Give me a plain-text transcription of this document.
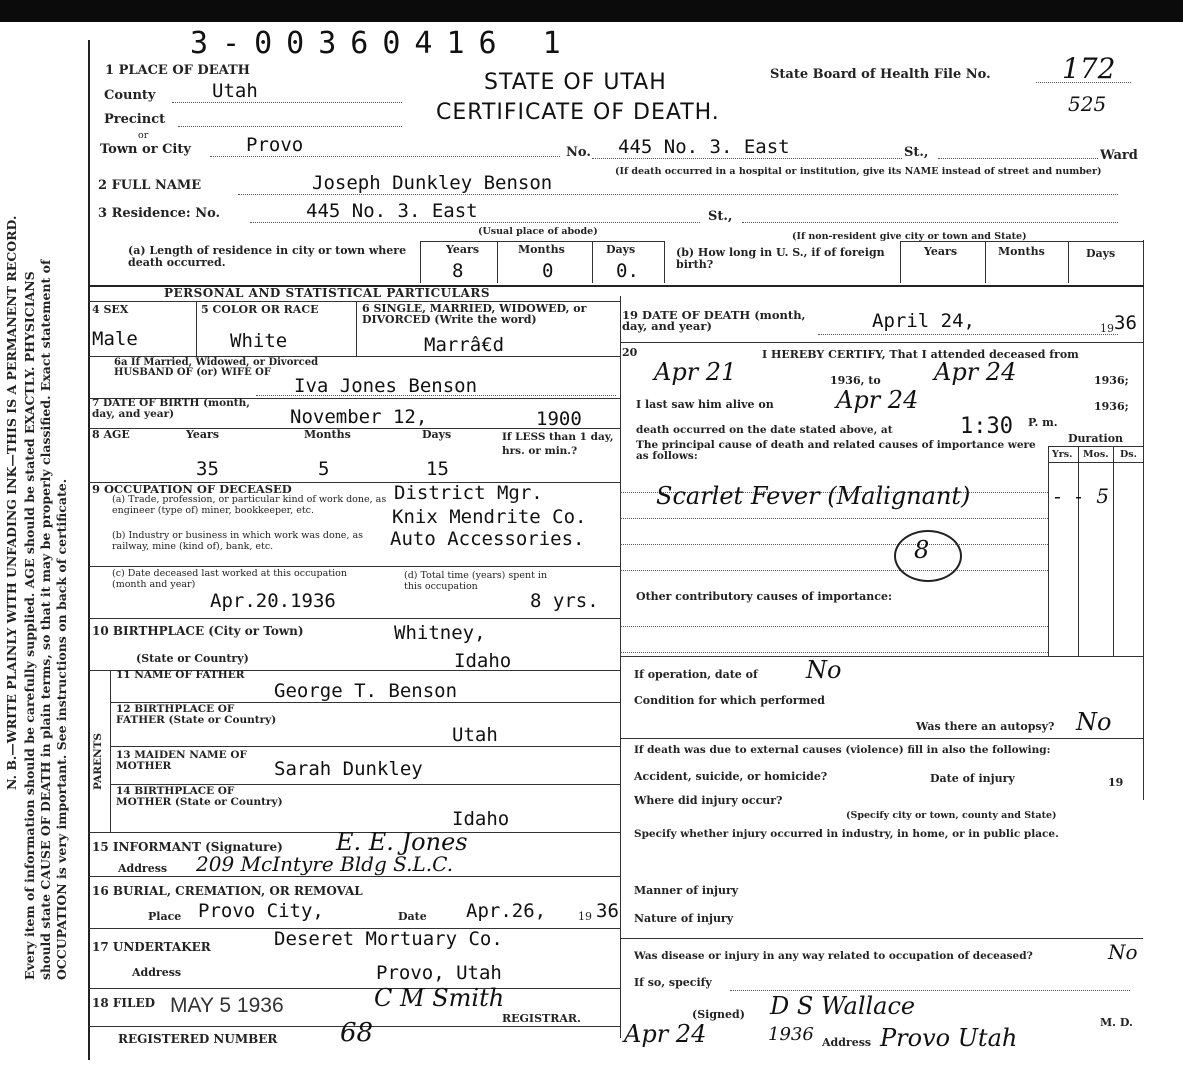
3-00360416 1
N. B.—WRITE PLAINLY WITH UNFADING INK—THIS IS A PERMANENT RECORD. Every item of information should be carefully supplied. AGE should be stated EXACTLY. PHYSICIANS should state CAUSE OF DEATH in plain terms, so that it may be properly classified. Exact statement of OCCUPATION is very important. See instructions on back of certificate.
1 PLACE OF DEATH	STATE OF UTAH
CERTIFICATE OF DEATH.
State Board of Health File No.	172
525
County	Utah
Precinct
or
Town or City	Provo	No. 445 No. 3. East	St.,	Ward
(If death occurred in a hospital or institution, give its NAME instead of street and number)
2 FULL NAME	Joseph Dunkley Benson
3 Residence: No.	445 No. 3. East	St.,
(Usual place of abode)	(If non-resident give city or town and State)
(a) Length of residence in city or town where death occurred.
Years	Months	Days
8	0	0.
(b) How long in U. S., if of foreign birth?
Years	Months	Days
PERSONAL AND STATISTICAL PARTICULARS
4 SEX
Male
5 COLOR OR RACE
White
6 SINGLE, MARRIED, WIDOWED, or DIVORCED (Write the word)
Marrâ€d
6a If Married, Widowed, or Divorced HUSBAND OF (or) WIFE OF
Iva Jones Benson
7 DATE OF BIRTH (month, day, and year)	November 12,	1900
8 AGE	Years	Months	Days	If LESS than 1 day, hrs. or min.?
35	5	15
9 OCCUPATION OF DECEASED
(a) Trade, profession, or particular kind of work done, as engineer (type of) miner, bookkeeper, etc.
District Mgr.
Knix Mendrite Co.
(b) Industry or business in which work was done, as railway, mine (kind of), bank, etc.	Auto Accessories.
(c) Date deceased last worked at this occupation (month and year)
Apr.20.1936
(d) Total time (years) spent in this occupation
8 yrs.
10 BIRTHPLACE (City or Town)	Whitney,
(State or Country)	Idaho
PARENTS
11 NAME OF FATHER
George T. Benson
12 BIRTHPLACE OF FATHER (State or Country)
Utah
13 MAIDEN NAME OF MOTHER	Sarah Dunkley
14 BIRTHPLACE OF MOTHER (State or Country)
Idaho
15 INFORMANT (Signature) E. E. Jones
Address 209 McIntyre Bldg S.L.C.
16 BURIAL, CREMATION, OR REMOVAL
Place Provo City,	Date Apr.26,	19 36
17 UNDERTAKER	Deseret Mortuary Co.
Address	Provo, Utah
18 FILED MAY 5 1936	C M Smith
REGISTRAR.
REGISTERED NUMBER 68
19 DATE OF DEATH (month, day, and year)	April 24,	19 36
20	I HEREBY CERTIFY, That I attended deceased from
Apr 21	1936, to Apr 24	1936;
I last saw him alive on	Apr 24	1936;
death occurred on the date stated above, at	1:30 P. m.
The principal cause of death and related causes of importance were as follows:
Duration
Yrs. Mos. Ds.
Scarlet Fever (Malignant)	- - 5
8
Other contributory causes of importance:
If operation, date of No
Condition for which performed
Was there an autopsy? No
If death was due to external causes (violence) fill in also the following:
Accident, suicide, or homicide?	Date of injury	19
Where did injury occur?
(Specify city or town, county and State)
Specify whether injury occurred in industry, in home, or in public place.
Manner of injury
Nature of injury
Was disease or injury in any way related to occupation of deceased?	No
If so, specify
(Signed) D S Wallace
M. D.
Apr 24	1936 Address Provo Utah
